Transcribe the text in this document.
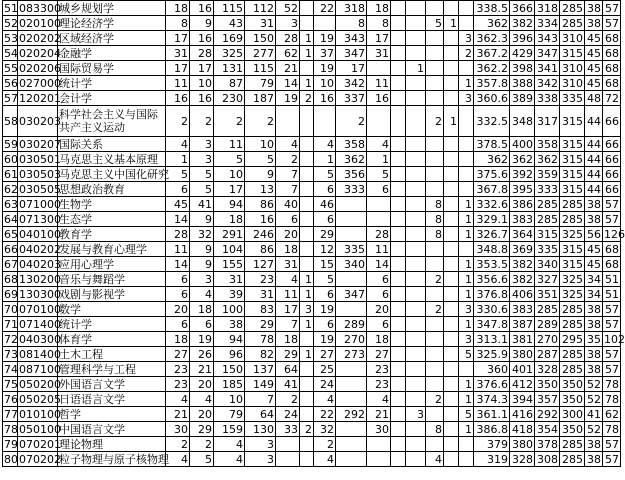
51	083300	城乡规划学	18	16	115	112	52		22	318	18						338.5	366	318	285	38	57
52	020100	理论经济学	8	9	43	31	3			8	8			5	1		362	382	334	285	38	57
53	020202	区域经济学	17	16	169	150	28	1	19	343	17					3	362.3	396	343	310	45	68
54	020204	金融学	31	28	325	277	62	1	37	347	31					2	367.2	429	347	315	45	68
55	020206	国际贸易学	17	17	131	115	21		19	17			1				362.2	398	341	310	45	68
56	027000	统计学	11	10	87	79	14	1	10	342	11					1	357.8	388	342	310	45	68
57	120201	会计学	16	16	230	187	19	2	16	337	16					3	360.6	389	338	335	48	72
58	030203	科学社会主义与国际共产主义运动	2	2	2	2				2				2	1		332.5	348	317	315	44	66
59	030207	国际关系	4	3	11	10	4		4	358	4						378.5	400	358	315	44	66
60	030501	马克思主义基本原理	1	3	5	5	2		1	362	1						362	362	362	315	44	66
61	030503	马克思主义中国化研究	5	5	10	9	7		5	356	5						375.6	392	359	315	44	66
62	030505	思想政治教育	6	5	17	13	7		6	333	6						367.8	395	333	315	44	66
63	071000	生物学	45	41	94	86	40		46					8		1	332.6	386	285	285	38	57
64	071300	生态学	14	9	18	16	6		6					8		1	329.1	383	285	285	38	57
65	040100	教育学	28	32	291	246	20		29		28			8		1	326.7	364	315	325	56	126
66	040202	发展与教育心理学	11	9	104	86	18		12	335	11						348.8	369	335	315	45	68
67	040203	应用心理学	14	9	155	127	31		15	340	14					1	353.5	382	340	315	45	68
68	130200	音乐与舞蹈学	6	3	31	23	4	1	5		6			2		1	356.6	382	327	325	34	51
69	130300	戏剧与影视学	6	4	39	31	11	1	6	347	6					1	376.8	406	351	325	34	51
70	070100	数学	20	18	100	83	17	3	19		20			2		3	330.6	383	285	285	38	57
71	071400	统计学	6	6	38	29	7	1	6	289	6					1	347.8	387	289	285	38	57
72	040300	体育学	18	19	94	78	18		19	270	18					3	313.1	381	270	295	35	102
73	081400	土木工程	27	26	96	82	29	1	27	273	27					5	325.9	380	287	285	38	57
74	087100	管理科学与工程	23	21	150	137	64		25		23						360	401	328	285	38	57
75	050200	外国语言文学	23	20	185	149	41		24		23					1	376.6	412	350	350	52	78
76	050205	日语语言文学	4	4	10	7	2		4		4			2		1	374.3	394	357	350	52	78
77	010100	哲学	21	20	79	64	24		22	292	21		3			5	361.1	416	292	300	41	62
78	050100	中国语言文学	30	29	159	130	33	2	32		30			8		1	386.8	418	354	350	52	78
79	070201	理论物理	2	2	4	3			2								379	380	378	285	38	57
80	070202	粒子物理与原子核物理	4	5	4	3			4					4			319	328	308	285	38	57
